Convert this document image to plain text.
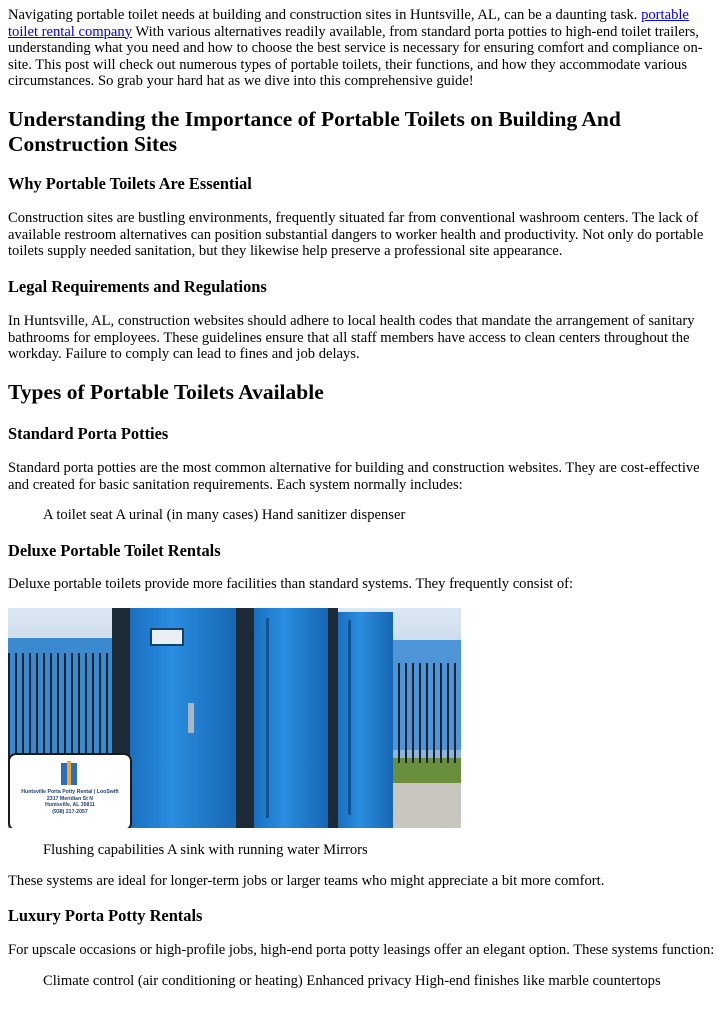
Navigating portable toilet needs at building and construction sites in Huntsville, AL, can be a daunting task. portable toilet rental company With various alternatives readily available, from standard porta potties to high-end toilet trailers, understanding what you need and how to choose the best service is necessary for ensuring comfort and compliance on-site. This post will check out numerous types of portable toilets, their functions, and how they accommodate various circumstances. So grab your hard hat as we dive into this comprehensive guide!

Understanding the Importance of Portable Toilets on Building And Construction Sites
Why Portable Toilets Are Essential

Construction sites are bustling environments, frequently situated far from conventional washroom centers. The lack of available restroom alternatives can position substantial dangers to worker health and productivity. Not only do portable toilets supply needed sanitation, but they likewise help preserve a professional site appearance.

Legal Requirements and Regulations

In Huntsville, AL, construction websites should adhere to local health codes that mandate the arrangement of sanitary bathrooms for employees. These guidelines ensure that all staff members have access to clean centers throughout the workday. Failure to comply can lead to fines and job delays.

Types of Portable Toilets Available
Standard Porta Potties

Standard porta potties are the most common alternative for building and construction websites. They are cost-effective and created for basic sanitation requirements. Each system normally includes:

A toilet seat A urinal (in many cases) Hand sanitizer dispenser

Deluxe Portable Toilet Rentals

Deluxe portable toilets provide more facilities than standard systems. They frequently consist of:

Huntsville Porta Potty Rental | LooSwift
2317 Meridian St N
Huntsville, AL 35811
(938) 217-2057

Flushing capabilities A sink with running water Mirrors

These systems are ideal for longer-term jobs or larger teams who might appreciate a bit more comfort.

Luxury Porta Potty Rentals

For upscale occasions or high-profile jobs, high-end porta potty leasings offer an elegant option. These systems function:

Climate control (air conditioning or heating) Enhanced privacy High-end finishes like marble countertops
